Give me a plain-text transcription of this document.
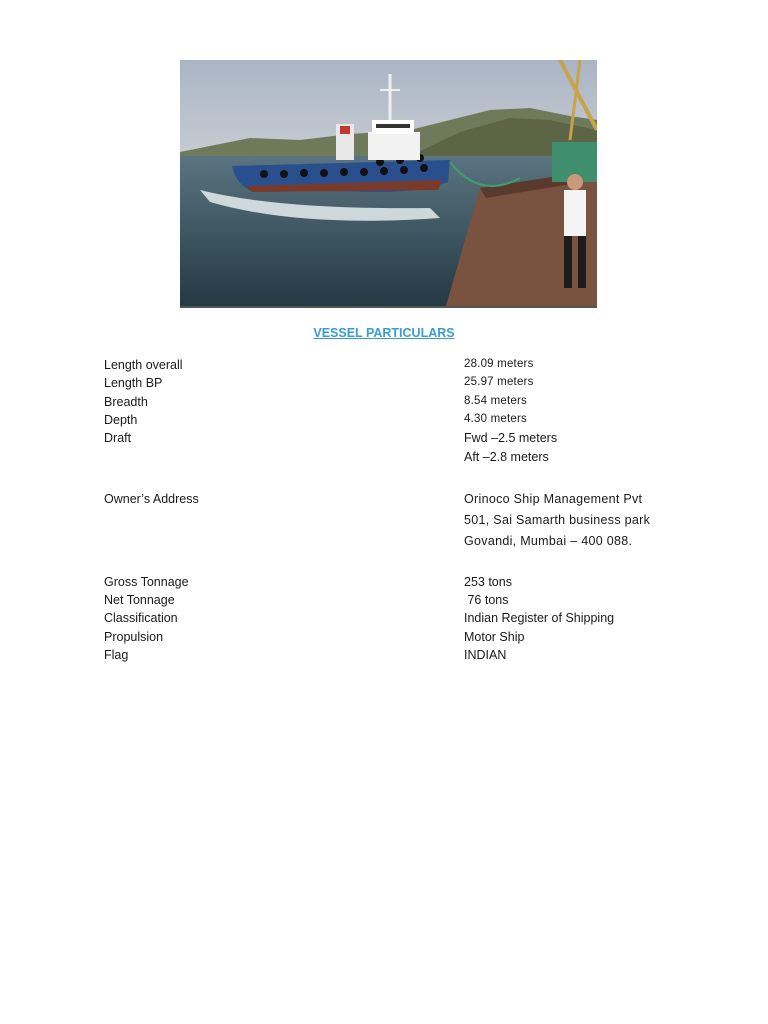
VESSEL PARTICULARS
Length overall	28.09 meters
Length BP	25.97 meters
Breadth	8.54 meters
Depth	4.30 meters
Draft	Fwd –2.5 meters
Aft –2.8 meters
Owner’s Address	Orinoco Ship Management Pvt
501, Sai Samarth business park
Govandi, Mumbai – 400 088.
Gross Tonnage	253 tons
Net Tonnage	76 tons
Classification	Indian Register of Shipping
Propulsion	Motor Ship
Flag	INDIAN
